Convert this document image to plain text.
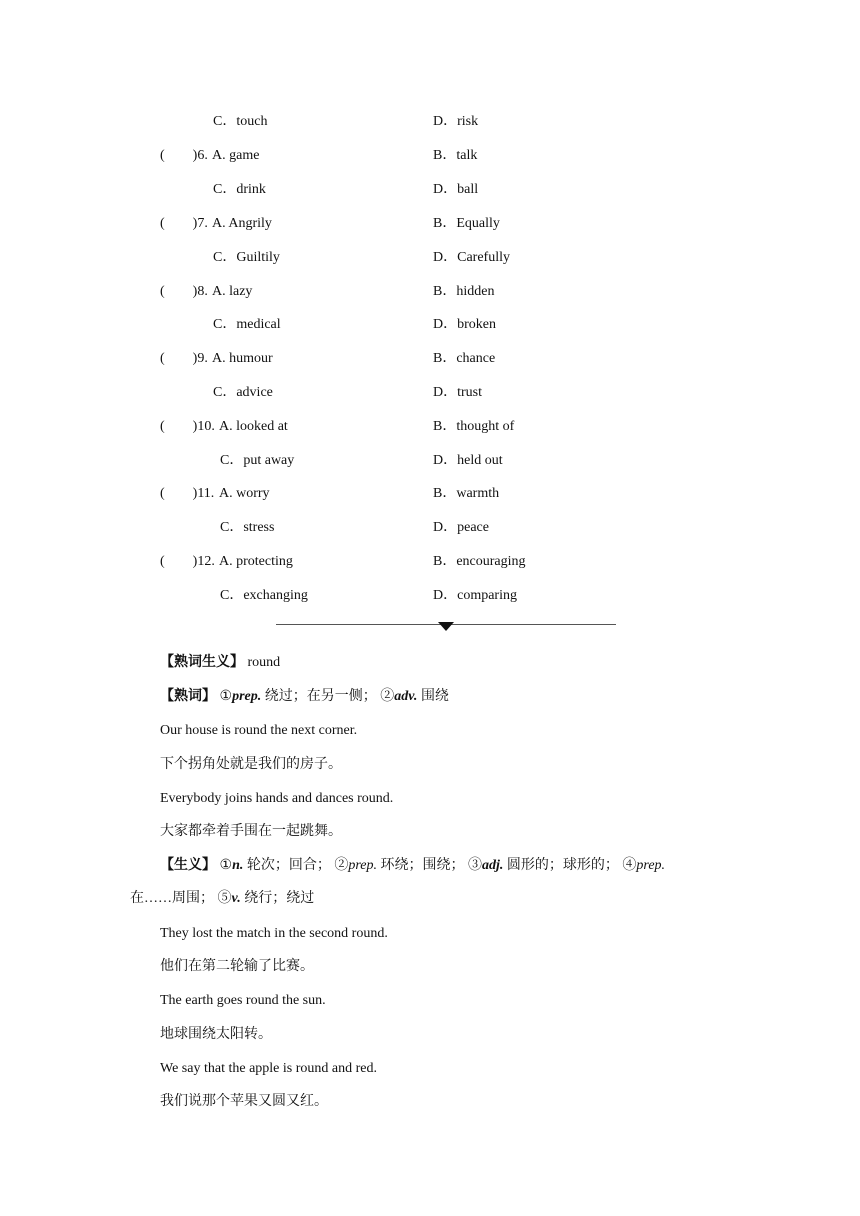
C．touch	D．risk
(　　)6. A. game	B．talk
C．drink	D．ball
(　　)7. A. Angrily	B．Equally
C．Guiltily	D．Carefully
(　　)8. A. lazy	B．hidden
C．medical	D．broken
(　　)9. A. humour	B．chance
C．advice	D．trust
(　　)10. A. looked at	B．thought of
C．put away	D．held out
(　　)11. A. worry	B．warmth
C．stress	D．peace
(　　)12. A. protecting	B．encouraging
C．exchanging	D．comparing
【熟词生义】 round
【熟词】 ①prep. 绕过；在另一侧； ②adv. 围绕
Our house is round the next corner.
下个拐角处就是我们的房子。
Everybody joins hands and dances round.
大家都牵着手围在一起跳舞。
【生义】 ①n. 轮次；回合； ②prep. 环绕；围绕； ③adj. 圆形的；球形的； ④prep.
在……周围； ⑤v. 绕行；绕过
They lost the match in the second round.
他们在第二轮输了比赛。
The earth goes round the sun.
地球围绕太阳转。
We say that the apple is round and red.
我们说那个苹果又圆又红。
